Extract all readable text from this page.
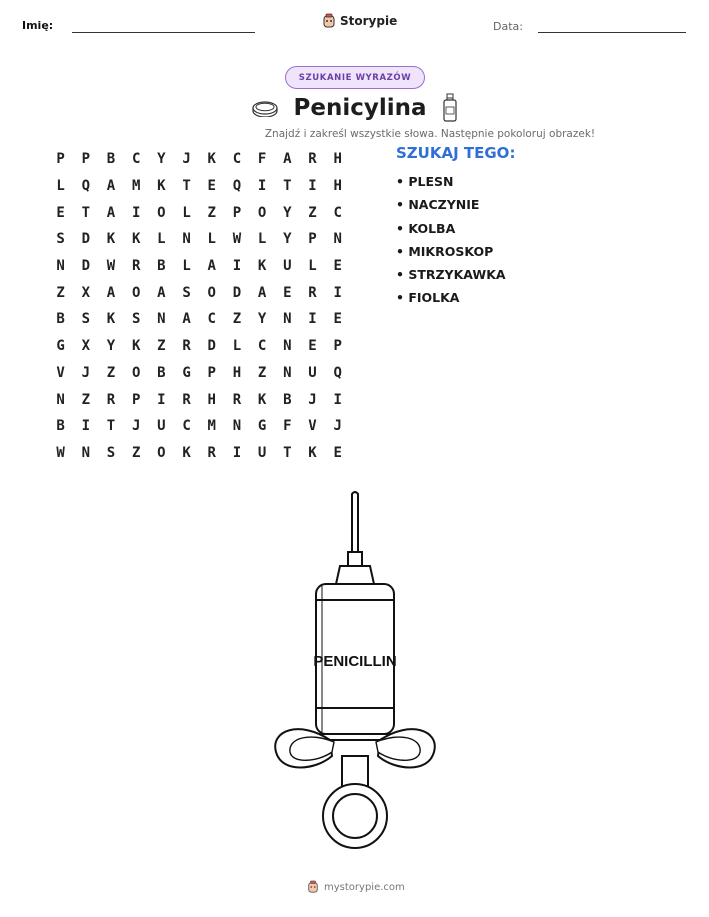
Imię:	Storypie	Data:
SZUKANIE WYRAZÓW
Penicylina
Znajdź i zakreśl wszystkie słowa. Następnie pokoloruj obrazek!
P	P	B	C	Y	J	K	C	F	A	R	H
L	Q	A	M	K	T	E	Q	I	T	I	H
E	T	A	I	O	L	Z	P	O	Y	Z	C
S	D	K	K	L	N	L	W	L	Y	P	N
N	D	W	R	B	L	A	I	K	U	L	E
Z	X	A	O	A	S	O	D	A	E	R	I
B	S	K	S	N	A	C	Z	Y	N	I	E
G	X	Y	K	Z	R	D	L	C	N	E	P
V	J	Z	O	B	G	P	H	Z	N	U	Q
N	Z	R	P	I	R	H	R	K	B	J	I
B	I	T	J	U	C	M	N	G	F	V	J
W	N	S	Z	O	K	R	I	U	T	K	E
SZUKAJ TEGO:
• PLESN
• NACZYNIE
• KOLBA
• MIKROSKOP
• STRZYKAWKA
• FIOLKA
PENICILLIN
mystorypie.com
